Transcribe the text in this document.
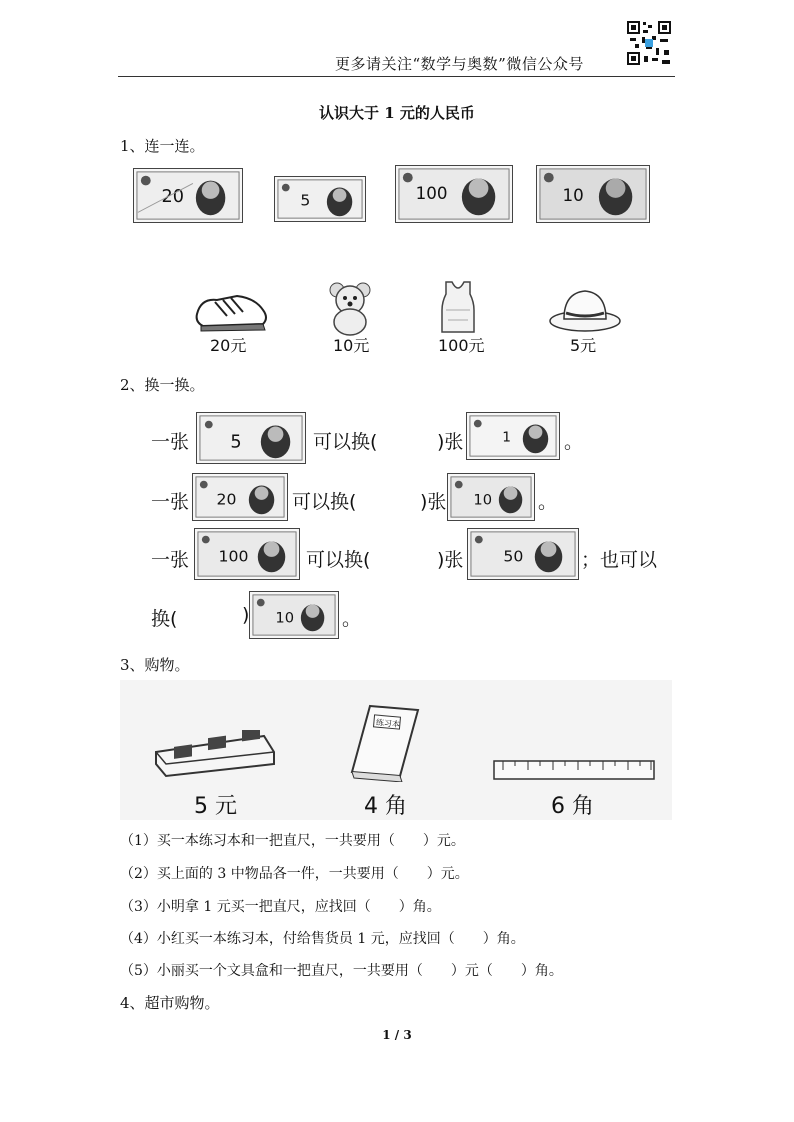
更多请关注“数学与奥数”微信公众号
认识大于 1 元的人民币
1、连一连。
20	5	100	10
20元	10元	100元	5元
2、换一换。
一张 5	可以换(	)张	1	。
一张 20	可以换(	)张 10 。
一张 100	可以换(	)张 50	；也可以
换(	) 10	。
3、购物。
练习本
5 元	4 角	6 角
（1）买一本练习本和一把直尺，一共要用（　　）元。
（2）买上面的 3 中物品各一件，一共要用（　　）元。
（3）小明拿 1 元买一把直尺，应找回（　　）角。
（4）小红买一本练习本，付给售货员 1 元，应找回（　　）角。
（5）小丽买一个文具盒和一把直尺，一共要用（　　）元（　　）角。
4、超市购物。
1 / 3
